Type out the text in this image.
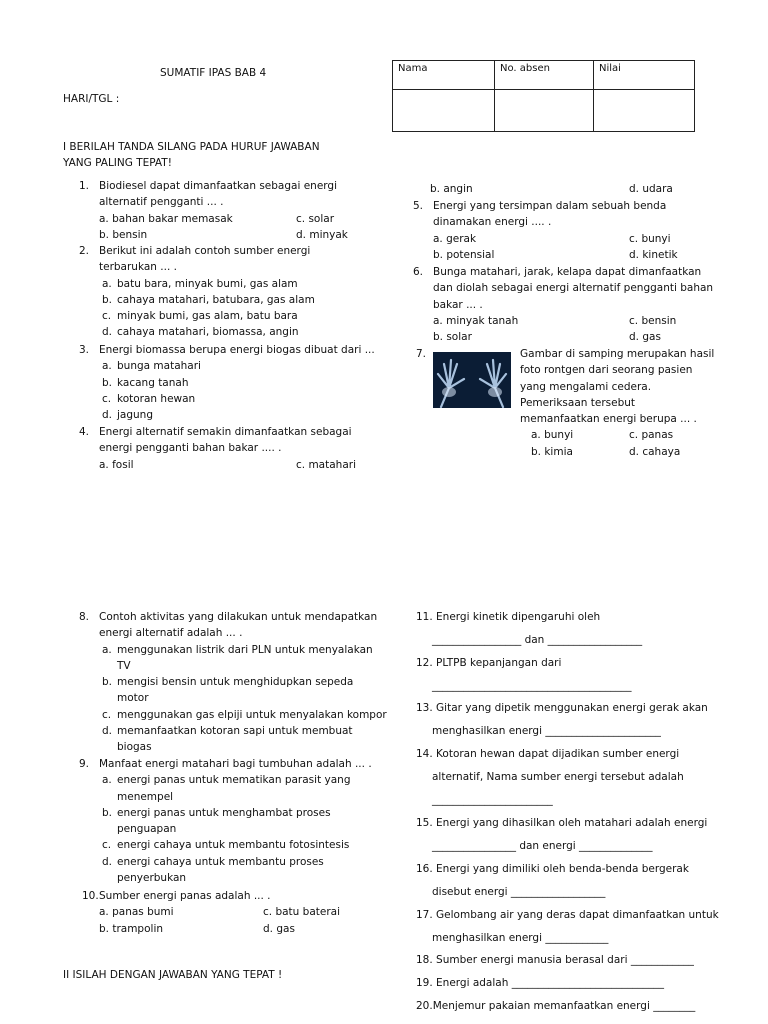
SUMATIF IPAS BAB 4
HARI/TGL :
Nama	No. absen	Nilai

I BERILAH TANDA SILANG PADA HURUF JAWABAN
YANG PALING TEPAT!
1. Biodiesel dapat dimanfaatkan sebagai energi
alternatif pengganti ... .
a. bahan bakar memasak	c. solar
b. bensin	d. minyak
2. Berikut ini adalah contoh sumber energi
terbarukan ... .
a. batu bara, minyak bumi, gas alam
b. cahaya matahari, batubara, gas alam
c. minyak bumi, gas alam, batu bara
d. cahaya matahari, biomassa, angin
3. Energi biomassa berupa energi biogas dibuat dari ...
a. bunga matahari
b. kacang tanah
c. kotoran hewan
d. jagung
4. Energi alternatif semakin dimanfaatkan sebagai
energi pengganti bahan bakar .... .
a. fosil	c. matahari
b. angin	d. udara
5. Energi yang tersimpan dalam sebuah benda
dinamakan energi .... .
a. gerak	c. bunyi
b. potensial	d. kinetik
6. Bunga matahari, jarak, kelapa dapat dimanfaatkan
dan diolah sebagai energi alternatif pengganti bahan
bakar ... .
a. minyak tanah	c. bensin
b. solar	d. gas
7.	Gambar di samping merupakan hasil
foto rontgen dari seorang pasien
yang mengalami cedera.
Pemeriksaan tersebut
memanfaatkan energi berupa ... .
a. bunyi	c. panas
b. kimia	d. cahaya
8. Contoh aktivitas yang dilakukan untuk mendapatkan
energi alternatif adalah ... .
a. menggunakan listrik dari PLN untuk menyalakan
TV
b. mengisi bensin untuk menghidupkan sepeda
motor
c. menggunakan gas elpiji untuk menyalakan kompor
d. memanfaatkan kotoran sapi untuk membuat
biogas
9. Manfaat energi matahari bagi tumbuhan adalah ... .
a. energi panas untuk mematikan parasit yang
menempel
b. energi panas untuk menghambat proses
penguapan
c. energi cahaya untuk membantu fotosintesis
d. energi cahaya untuk membantu proses
penyerbukan
10. Sumber energi panas adalah ... .
a. panas bumi	c. batu baterai
b. trampolin	d. gas
II ISILAH DENGAN JAWABAN YANG TEPAT !
11. Energi kinetik dipengaruhi oleh
_________________ dan __________________
12. PLTPB kepanjangan dari
______________________________________
13. Gitar yang dipetik menggunakan energi gerak akan
menghasilkan energi ______________________
14. Kotoran hewan dapat dijadikan sumber energi
alternatif, Nama sumber energi tersebut adalah
_______________________
15. Energi yang dihasilkan oleh matahari adalah energi
________________ dan energi ______________
16. Energi yang dimiliki oleh benda-benda bergerak
disebut energi __________________
17. Gelombang air yang deras dapat dimanfaatkan untuk
menghasilkan energi ____________
18. Sumber energi manusia berasal dari ____________
19. Energi adalah _____________________________
20.Menjemur pakaian memanfaatkan energi ________
